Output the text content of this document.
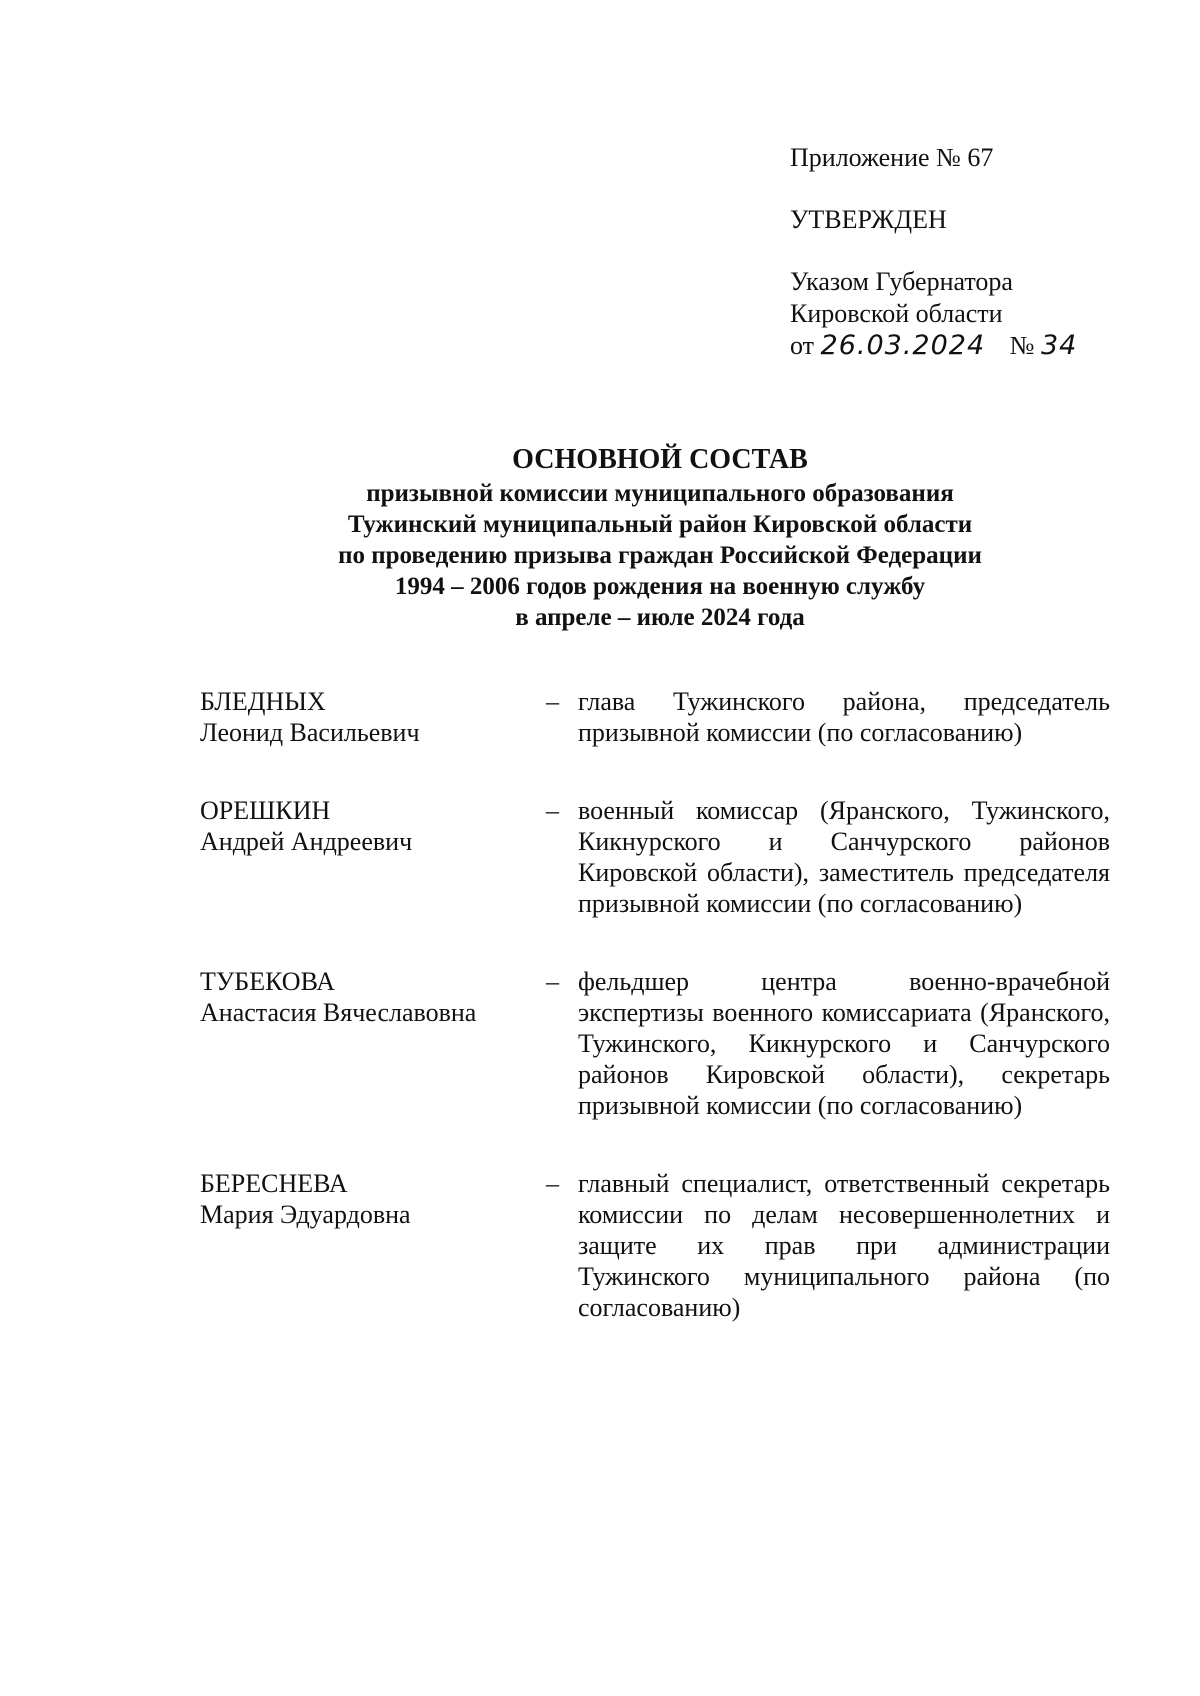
Приложение № 67
УТВЕРЖДЕН
Указом Губернатора
Кировской области
от 26.03.2024 № 34
ОСНОВНОЙ СОСТАВ
призывной комиссии муниципального образования
Тужинский муниципальный район Кировской области
по проведению призыва граждан Российской Федерации
1994 – 2006 годов рождения на военную службу
в апреле – июле 2024 года
БЛЕДНЫХ
Леонид Васильевич
– глава Тужинского района, председатель призывной комиссии (по согласованию)
ОРЕШКИН
Андрей Андреевич
– военный комиссар (Яранского, Тужинского, Кикнурского и Санчурского районов Кировской области), заместитель председателя призывной комиссии (по согласованию)
ТУБЕКОВА
Анастасия Вячеславовна
– фельдшер центра военно-врачебной экспертизы военного комиссариата (Яранского, Тужинского, Кикнурского и Санчурского районов Кировской области), секретарь призывной комиссии (по согласованию)
БЕРЕСНЕВА
Мария Эдуардовна
– главный специалист, ответственный секретарь комиссии по делам несовершеннолетних и защите их прав при администрации Тужинского муниципального района (по согласованию)
